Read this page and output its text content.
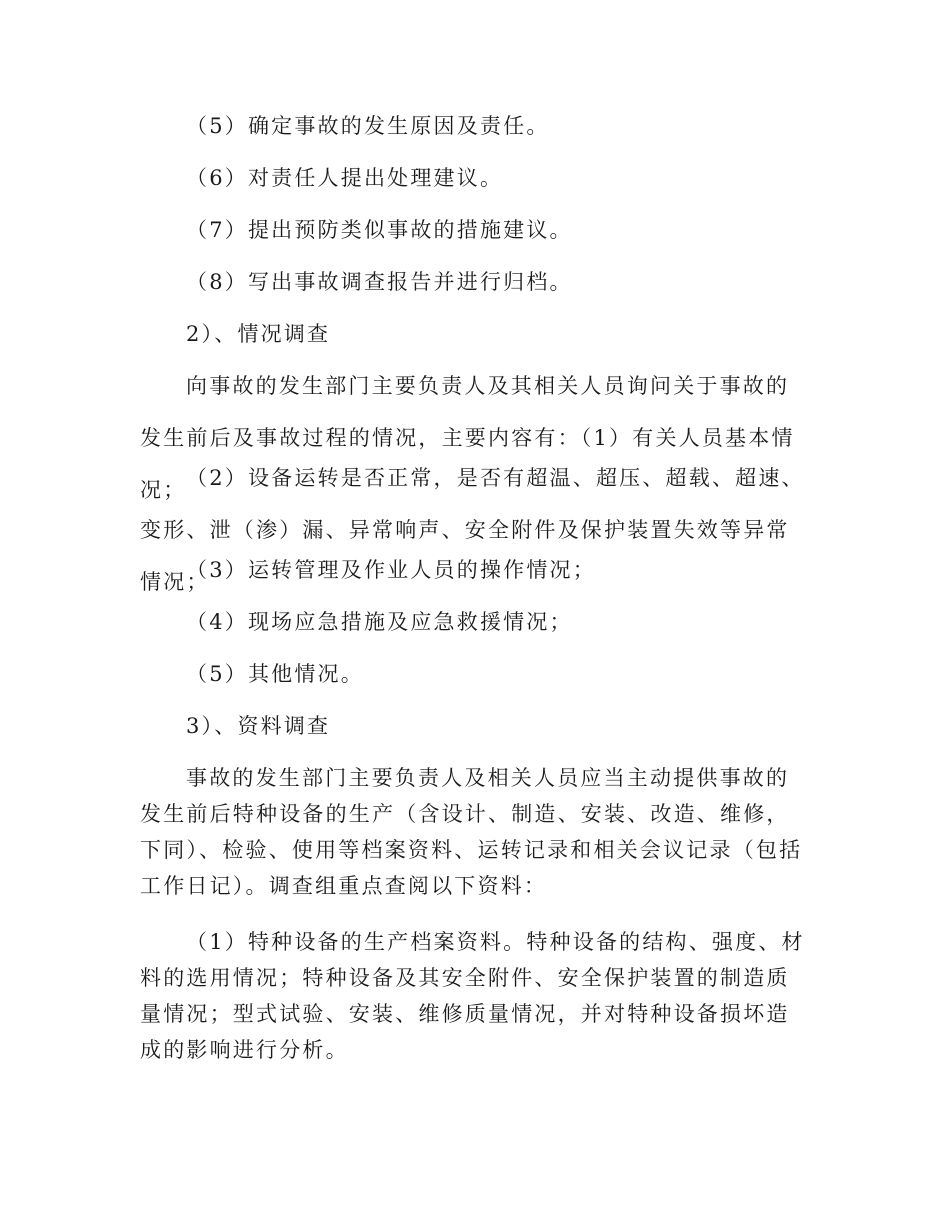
（5）确定事故的发生原因及责任。

（6）对责任人提出处理建议。

（7）提出预防类似事故的措施建议。

（8）写出事故调查报告并进行归档。

2）、情况调查

向事故的发生部门主要负责人及其相关人员询问关于事故的发生前后及事故过程的情况，主要内容有：（1）有关人员基本情况； （2）设备运转是否正常，是否有超温、超压、超载、超速、变形、泄（渗）漏、异常响声、安全附件及保护装置失效等异常情况；

（3）运转管理及作业人员的操作情况；

（4）现场应急措施及应急救援情况；

（5）其他情况。

3）、资料调查

事故的发生部门主要负责人及相关人员应当主动提供事故的发生前后特种设备的生产（含设计、制造、安装、改造、维修，下同）、检验、使用等档案资料、运转记录和相关会议记录（包括工作日记）。调查组重点查阅以下资料：

（1）特种设备的生产档案资料。特种设备的结构、强度、材料的选用情况；特种设备及其安全附件、安全保护装置的制造质量情况；型式试验、安装、维修质量情况，并对特种设备损坏造成的影响进行分析。
